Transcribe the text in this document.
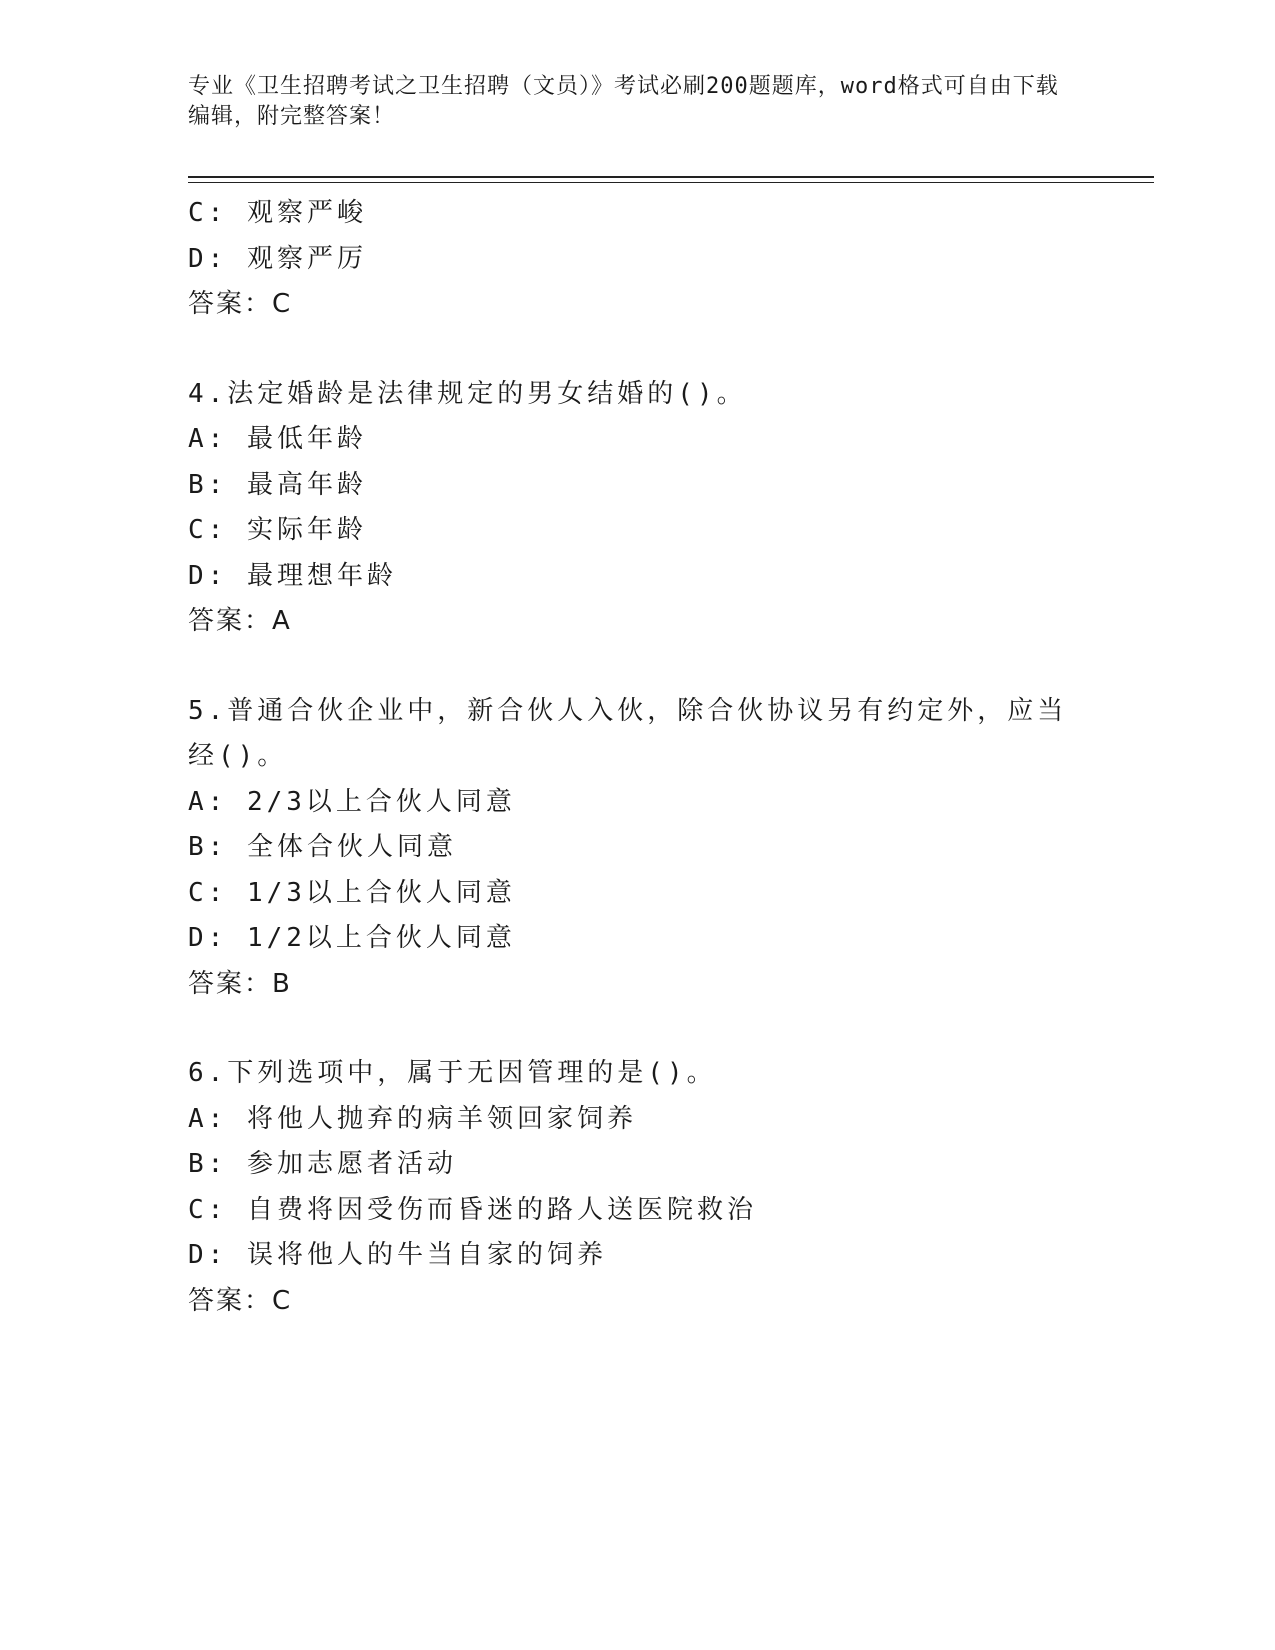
专业《卫生招聘考试之卫生招聘（文员）》考试必刷200题题库，word格式可自由下载编辑，附完整答案！
C: 观察严峻
D: 观察严厉
答案：C
4.法定婚龄是法律规定的男女结婚的()。
A: 最低年龄
B: 最高年龄
C: 实际年龄
D: 最理想年龄
答案：A
5.普通合伙企业中，新合伙人入伙，除合伙协议另有约定外，应当经()。
A: 2/3以上合伙人同意
B: 全体合伙人同意
C: 1/3以上合伙人同意
D: 1/2以上合伙人同意
答案：B
6.下列选项中，属于无因管理的是()。
A: 将他人抛弃的病羊领回家饲养
B: 参加志愿者活动
C: 自费将因受伤而昏迷的路人送医院救治
D: 误将他人的牛当自家的饲养
答案：C
